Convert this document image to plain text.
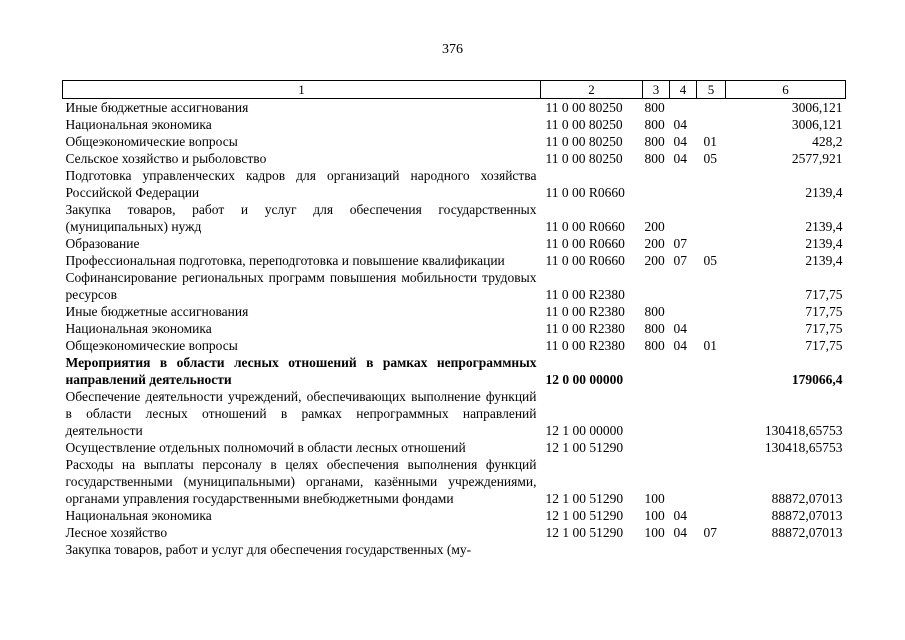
376
1	2	3	4	5	6
Иные бюджетные ассигнования	11 0 00 80250	800			3006,121
Национальная экономика	11 0 00 80250	800	04		3006,121
Общеэкономические вопросы	11 0 00 80250	800	04	01	428,2
Сельское хозяйство и рыболовство	11 0 00 80250	800	04	05	2577,921
Подготовка управленческих кадров для организаций народного хозяйства Российской Федерации	11 0 00 R0660				2139,4
Закупка товаров, работ и услуг для обеспечения государственных (муниципальных) нужд	11 0 00 R0660	200			2139,4
Образование	11 0 00 R0660	200	07		2139,4
Профессиональная подготовка, переподготовка и повышение квалификации	11 0 00 R0660	200	07	05	2139,4
Софинансирование региональных программ повышения мобильности трудовых ресурсов	11 0 00 R2380				717,75
Иные бюджетные ассигнования	11 0 00 R2380	800			717,75
Национальная экономика	11 0 00 R2380	800	04		717,75
Общеэкономические вопросы	11 0 00 R2380	800	04	01	717,75
Мероприятия в области лесных отношений в рамках непрограммных направлений деятельности	12 0 00 00000				179066,4
Обеспечение деятельности учреждений, обеспечивающих выполнение функций в области лесных отношений в рамках непрограммных направлений деятельности	12 1 00 00000				130418,65753
Осуществление отдельных полномочий в области лесных отношений	12 1 00 51290				130418,65753
Расходы на выплаты персоналу в целях обеспечения выполнения функций государственными (муниципальными) органами, казёнными учреждениями, органами управления государственными внебюджетными фондами	12 1 00 51290	100			88872,07013
Национальная экономика	12 1 00 51290	100	04		88872,07013
Лесное хозяйство	12 1 00 51290	100	04	07	88872,07013
Закупка товаров, работ и услуг для обеспечения государственных (му-					
